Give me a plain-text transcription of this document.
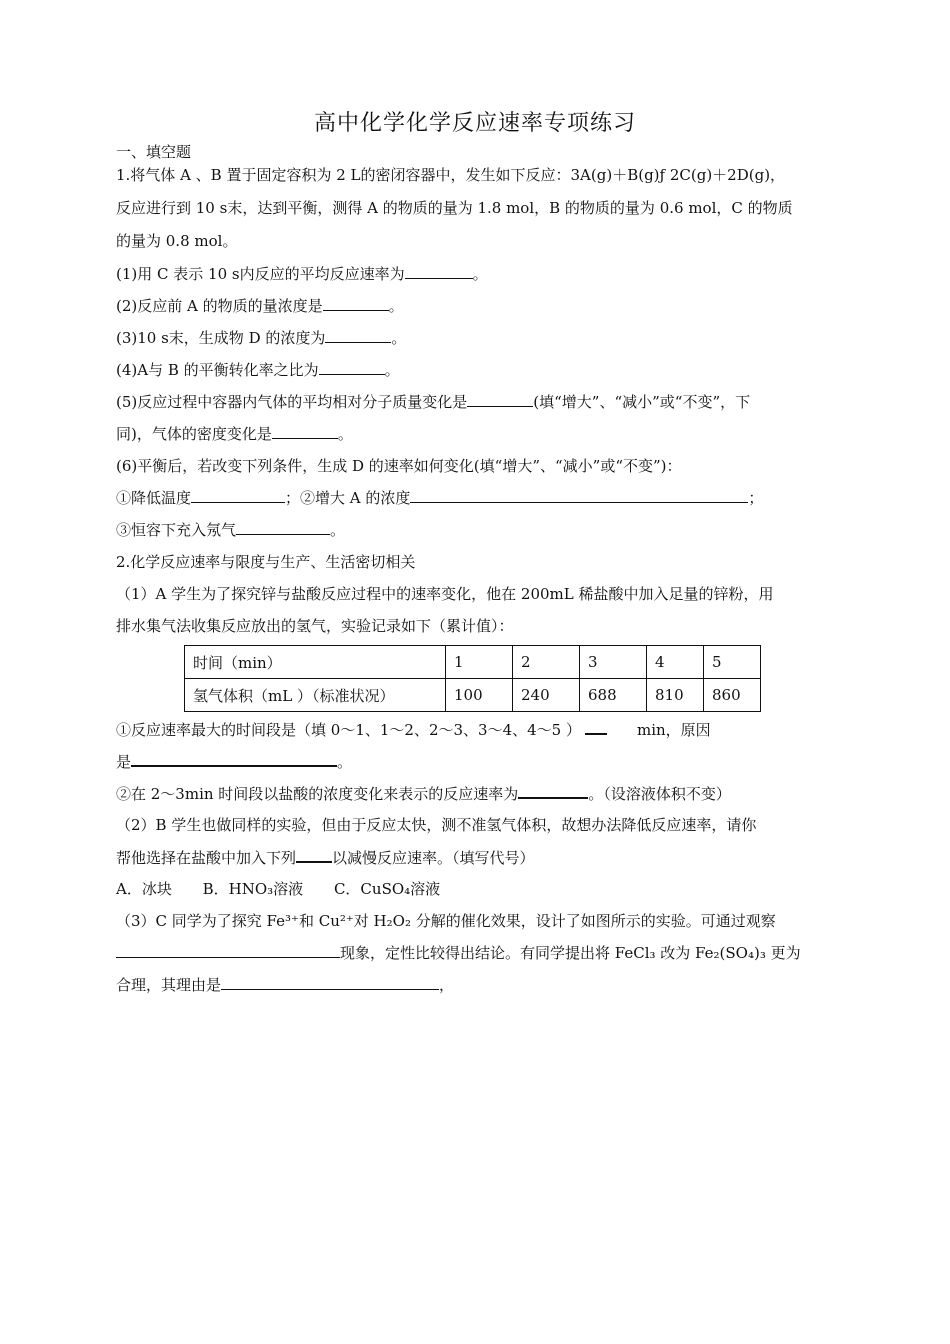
高中化学化学反应速率专项练习
一、填空题
1.将气体 A 、B 置于固定容积为 2 L的密闭容器中，发生如下反应：3A(g)＋B(g)ƒ 2C(g)＋2D(g)，
反应进行到 10 s末，达到平衡，测得 A 的物质的量为 1.8 mol，B 的物质的量为 0.6 mol，C 的物质
的量为 0.8 mol。
(1)用 C 表示 10 s内反应的平均反应速率为	。
(2)反应前 A 的物质的量浓度是	。
(3)10 s末，生成物 D 的浓度为	。
(4)A与 B 的平衡转化率之比为	。
(5)反应过程中容器内气体的平均相对分子质量变化是	(填“增大”、“减小”或“不变”，下
同)，气体的密度变化是	。
(6)平衡后，若改变下列条件，生成 D 的速率如何变化(填“增大”、“减小”或“不变”)：
①降低温度	；②增大 A 的浓度	；
③恒容下充入氖气	。
2.化学反应速率与限度与生产、生活密切相关
（1）A 学生为了探究锌与盐酸反应过程中的速率变化，他在 200mL 稀盐酸中加入足量的锌粉，用
排水集气法收集反应放出的氢气，实验记录如下（累计值）：
时间（min）	1	2	3	4	5
氢气体积（mL ）（标准状况）	100	240	688	810	860
①反应速率最大的时间段是（填 0～1、1～2、2～3、3～4、4～5 ）	min，原因
是	。
②在 2～3min 时间段以盐酸的浓度变化来表示的反应速率为	。（设溶液体积不变）
（2）B 学生也做同样的实验，但由于反应太快，测不准氢气体积，故想办法降低反应速率，请你
帮他选择在盐酸中加入下列 以减慢反应速率。（填写代号）
A．冰块 B．HNO₃溶液 C．CuSO₄溶液
（3）C 同学为了探究 Fe³⁺和 Cu²⁺对 H₂O₂ 分解的催化效果，设计了如图所示的实验。可通过观察
现象，定性比较得出结论。有同学提出将 FeCl₃ 改为 Fe₂(SO₄)₃ 更为
合理，其理由是	，
